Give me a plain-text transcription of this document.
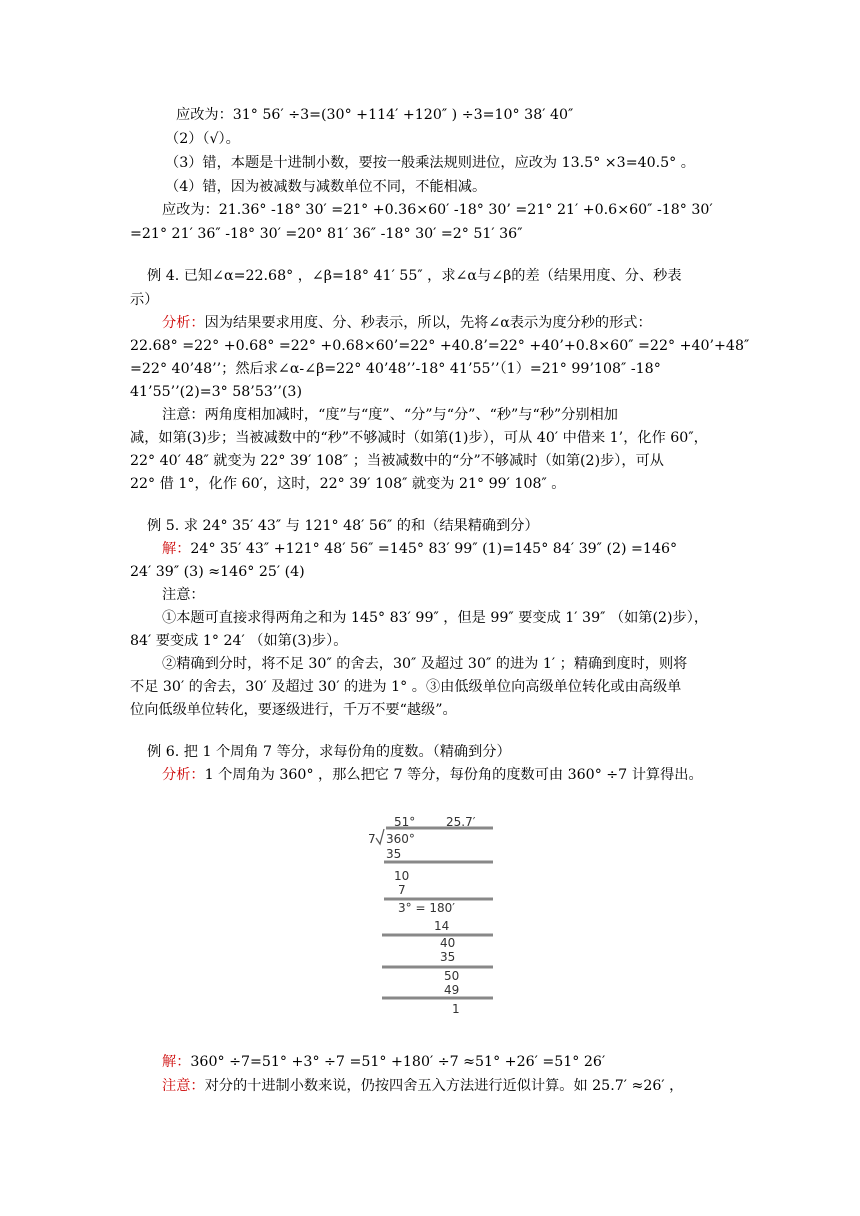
应改为：31° 56′ ÷3=(30° +114′ +120″ ) ÷3=10° 38′ 40″
（2）（√）。
（3）错，本题是十进制小数，要按一般乘法规则进位，应改为 13.5° ×3=40.5° 。
（4）错，因为被减数与减数单位不同，不能相减。
应改为：21.36° -18° 30′ =21° +0.36×60′ -18° 30’ =21° 21′ +0.6×60″ -18° 30′
=21° 21′ 36″ -18° 30′ =20° 81′ 36″ -18° 30′ =2° 51′ 36″
例 4. 已知∠α=22.68° ，∠β=18° 41′ 55″ ，求∠α与∠β的差（结果用度、分、秒表
示）
分析：因为结果要求用度、分、秒表示，所以，先将∠α表示为度分秒的形式：
22.68° =22° +0.68° =22° +0.68×60’=22° +40.8’=22° +40’+0.8×60″ =22° +40’+48″
=22° 40’48’’；然后求∠α-∠β=22° 40’48’’-18° 41’55’’（1）=21° 99’108″ -18°
41’55’’(2)=3° 58’53’’(3)
注意：两角度相加减时，“度”与“度”、“分”与“分”、“秒”与“秒”分别相加
减，如第(3)步；当被减数中的“秒”不够减时（如第(1)步），可从 40′ 中借来 1’，化作 60″，
22° 40′ 48″ 就变为 22° 39′ 108″ ；当被减数中的“分”不够减时（如第(2)步），可从
22° 借 1°，化作 60′，这时，22° 39′ 108″ 就变为 21° 99′ 108″ 。
例 5. 求 24° 35′ 43″ 与 121° 48′ 56″ 的和（结果精确到分）
解：24° 35′ 43″ +121° 48′ 56″ =145° 83′ 99″ (1)=145° 84′ 39″ (2) =146°
24′ 39″ (3) ≈146° 25′ (4)
注意：
①本题可直接求得两角之和为 145° 83′ 99″ ，但是 99″ 要变成 1′ 39″ （如第(2)步），
84′ 要变成 1° 24′ （如第(3)步）。
②精确到分时，将不足 30″ 的舍去，30″ 及超过 30″ 的进为 1′ ；精确到度时，则将
不足 30′ 的舍去，30′ 及超过 30′ 的进为 1° 。③由低级单位向高级单位转化或由高级单
位向低级单位转化，要逐级进行，千万不要“越级”。
例 6. 把 1 个周角 7 等分，求每份角的度数。（精确到分）
分析：1 个周角为 360° ，那么把它 7 等分，每份角的度数可由 360° ÷7 计算得出。
51°	25.7′
7 360°
35
10
7
3° = 180′
14
40
35
50
49
1
解：360° ÷7=51° +3° ÷7 =51° +180′ ÷7 ≈51° +26′ =51° 26′
注意：对分的十进制小数来说，仍按四舍五入方法进行近似计算。如 25.7′ ≈26′ ，
